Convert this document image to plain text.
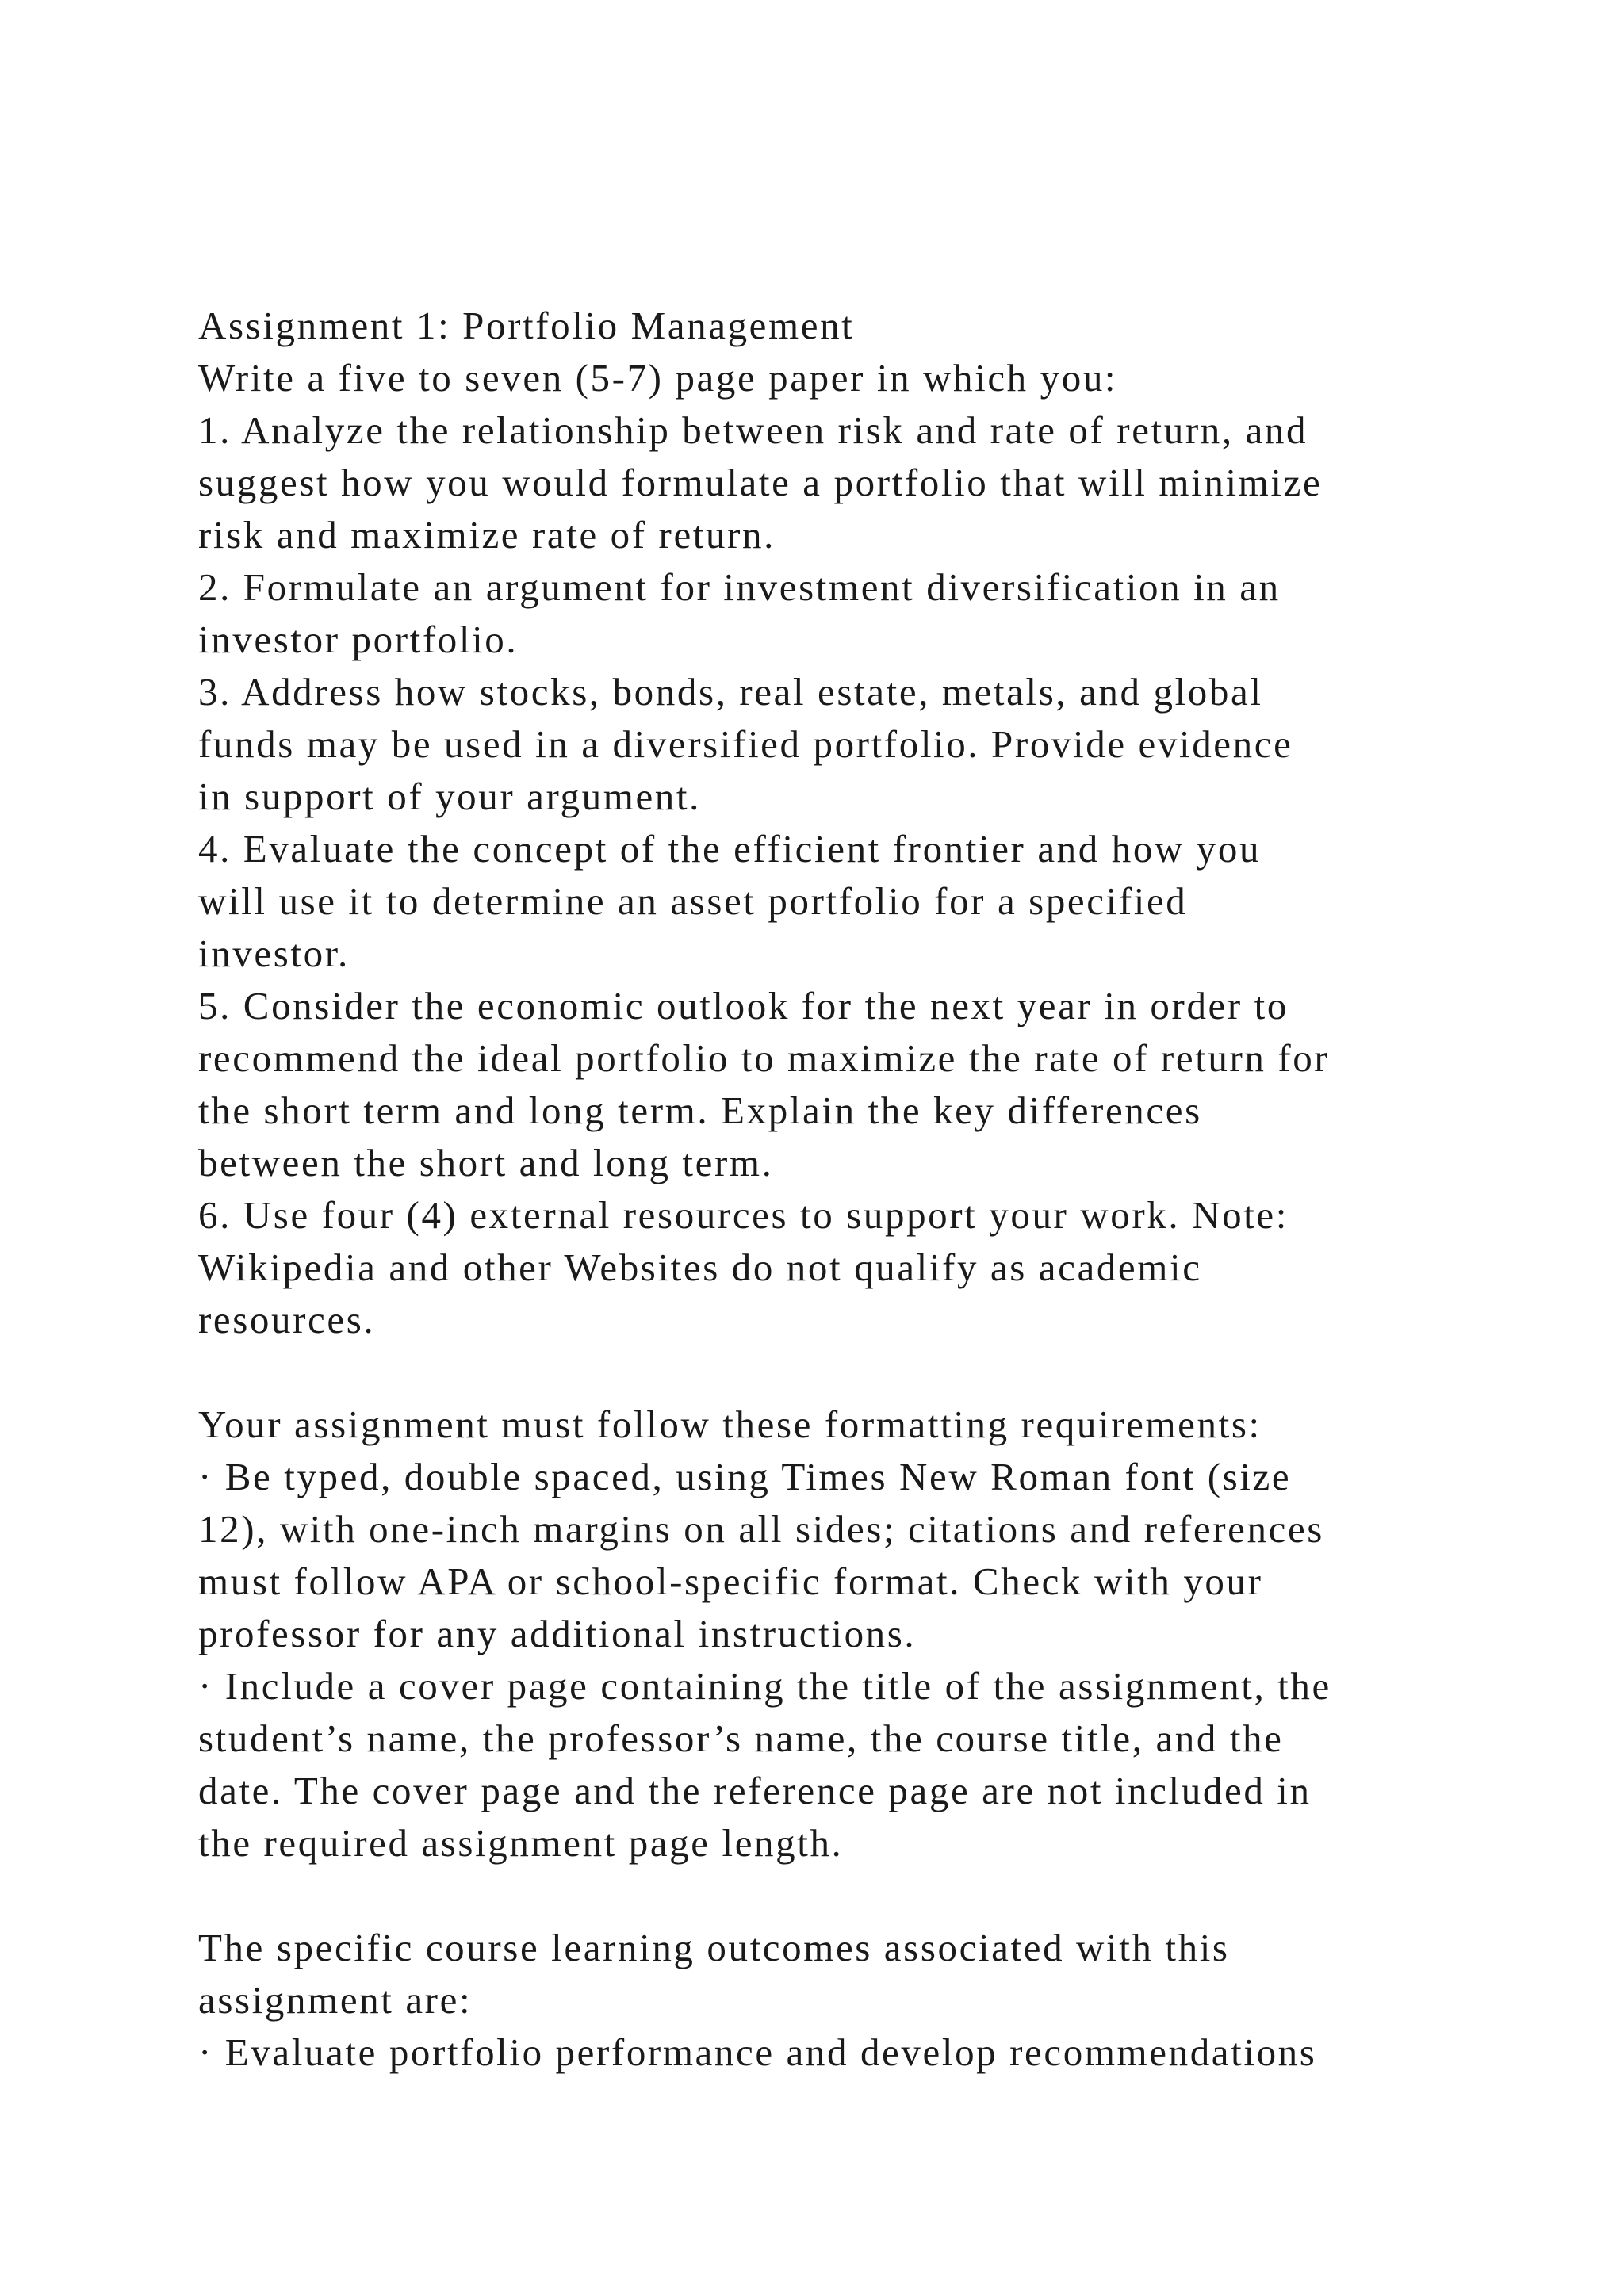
Assignment 1: Portfolio Management
Write a five to seven (5-7) page paper in which you:
1. Analyze the relationship between risk and rate of return, and
suggest how you would formulate a portfolio that will minimize
risk and maximize rate of return.
2. Formulate an argument for investment diversification in an
investor portfolio.
3. Address how stocks, bonds, real estate, metals, and global
funds may be used in a diversified portfolio. Provide evidence
in support of your argument.
4. Evaluate the concept of the efficient frontier and how you
will use it to determine an asset portfolio for a specified
investor.
5. Consider the economic outlook for the next year in order to
recommend the ideal portfolio to maximize the rate of return for
the short term and long term. Explain the key differences
between the short and long term.
6. Use four (4) external resources to support your work. Note:
Wikipedia and other Websites do not qualify as academic
resources.
Your assignment must follow these formatting requirements:
· Be typed, double spaced, using Times New Roman font (size
12), with one-inch margins on all sides; citations and references
must follow APA or school-specific format. Check with your
professor for any additional instructions.
· Include a cover page containing the title of the assignment, the
student’s name, the professor’s name, the course title, and the
date. The cover page and the reference page are not included in
the required assignment page length.
The specific course learning outcomes associated with this
assignment are:
· Evaluate portfolio performance and develop recommendations
